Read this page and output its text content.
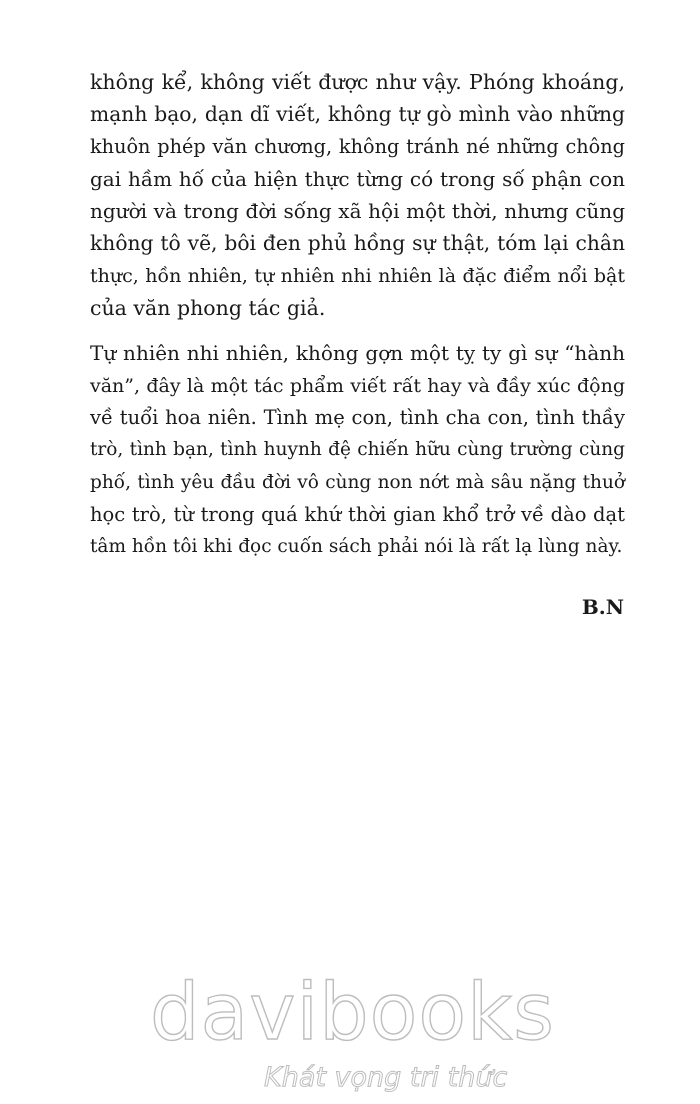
không kể, không viết được như vậy. Phóng khoáng,
mạnh bạo, dạn dĩ viết, không tự gò mình vào những
khuôn phép văn chương, không tránh né những chông
gai hầm hố của hiện thực từng có trong số phận con
người và trong đời sống xã hội một thời, nhưng cũng
không tô vẽ, bôi đen phủ hồng sự thật, tóm lại chân
thực, hồn nhiên, tự nhiên nhi nhiên là đặc điểm nổi bật
của văn phong tác giả.

Tự nhiên nhi nhiên, không gợn một tỵ ty gì sự “hành
văn”, đây là một tác phẩm viết rất hay và đầy xúc động
về tuổi hoa niên. Tình mẹ con, tình cha con, tình thầy
trò, tình bạn, tình huynh đệ chiến hữu cùng trường cùng
phố, tình yêu đầu đời vô cùng non nớt mà sâu nặng thuở
học trò, từ trong quá khứ thời gian khổ trở về dào dạt
tâm hồn tôi khi đọc cuốn sách phải nói là rất lạ lùng này.

B.N
davibooks
Khát vọng tri thức
